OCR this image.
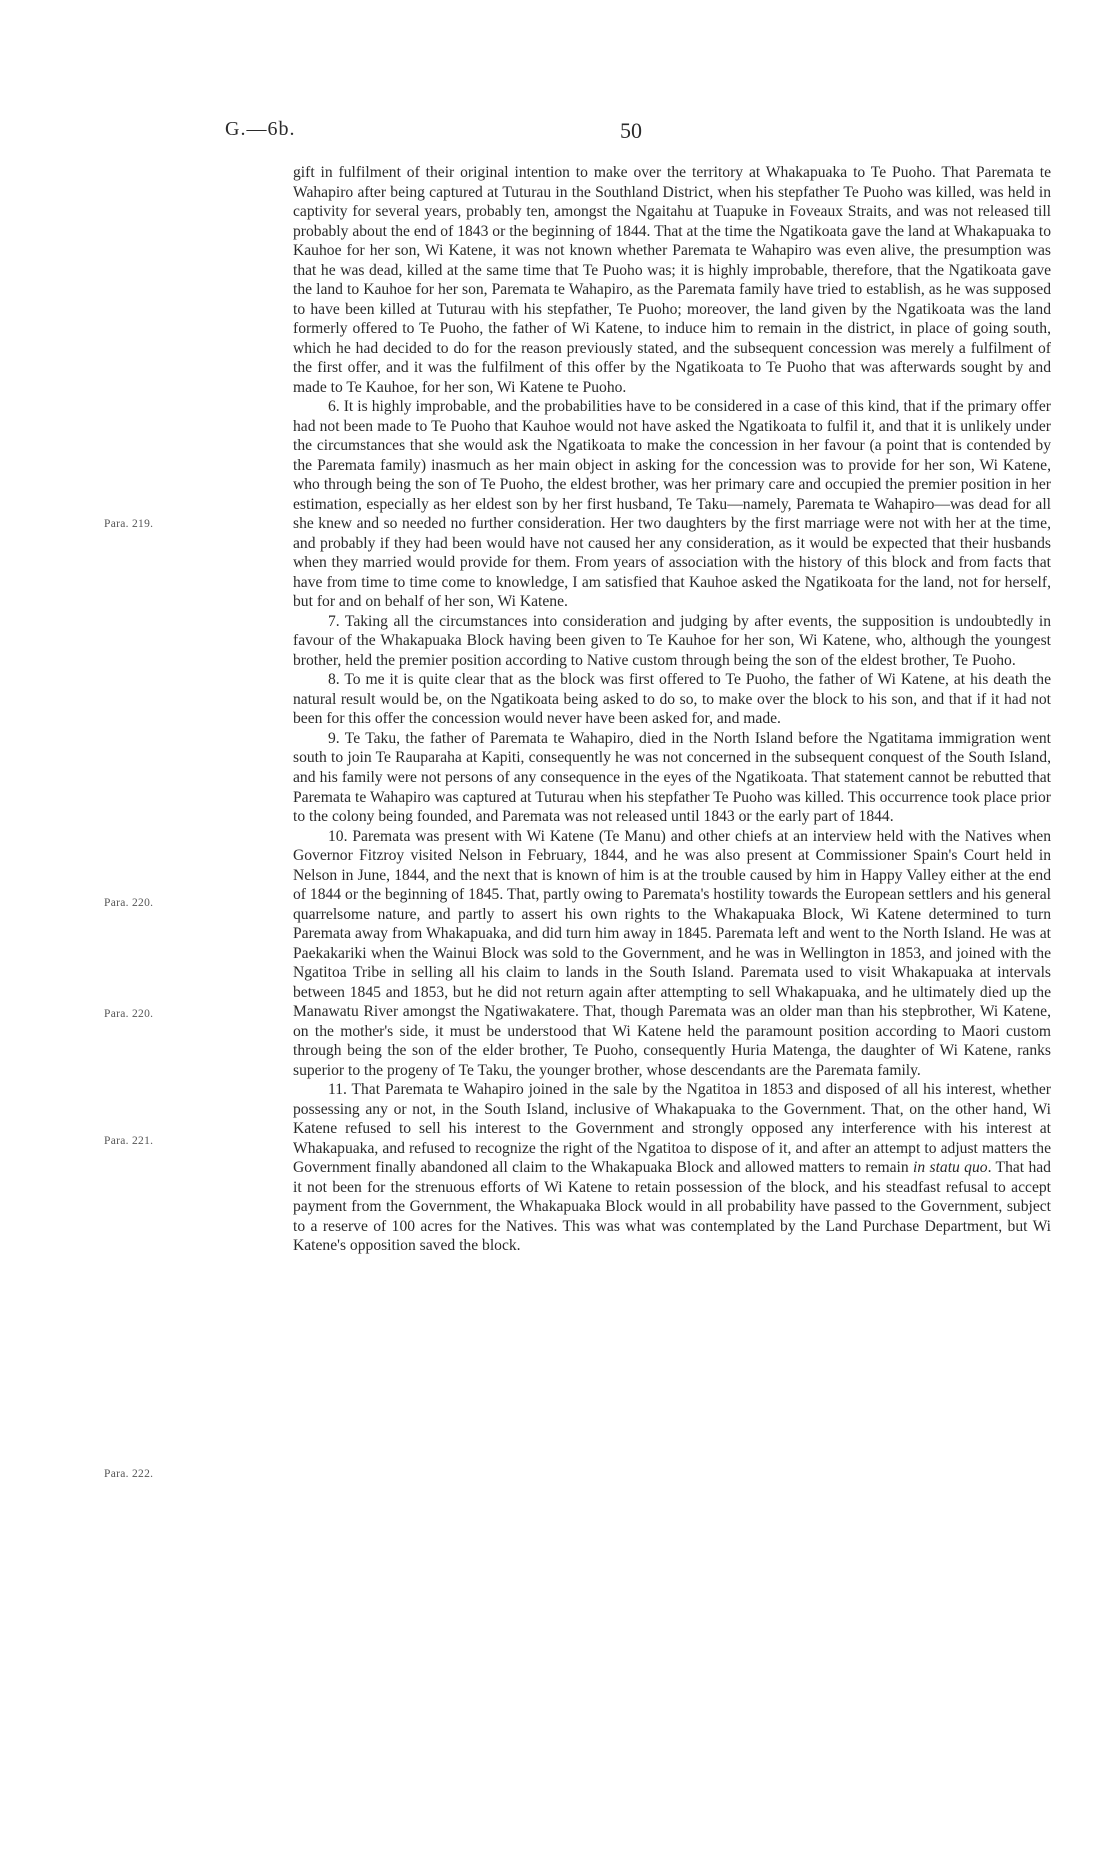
G.—6b.	50
Para. 219.
Para. 220.
Para. 220.
Para. 221.
Para. 222.

gift in fulfilment of their original intention to make over the territory at Whakapuaka to Te Puoho. That Paremata te Wahapiro after being captured at Tuturau in the Southland District, when his stepfather Te Puoho was killed, was held in captivity for several years, probably ten, amongst the Ngaitahu at Tuapuke in Foveaux Straits, and was not released till probably about the end of 1843 or the beginning of 1844. That at the time the Ngatikoata gave the land at Whakapuaka to Kauhoe for her son, Wi Katene, it was not known whether Paremata te Wahapiro was even alive, the presumption was that he was dead, killed at the same time that Te Puoho was; it is highly improbable, therefore, that the Ngatikoata gave the land to Kauhoe for her son, Paremata te Wahapiro, as the Paremata family have tried to establish, as he was supposed to have been killed at Tuturau with his stepfather, Te Puoho; moreover, the land given by the Ngatikoata was the land formerly offered to Te Puoho, the father of Wi Katene, to induce him to remain in the district, in place of going south, which he had decided to do for the reason previously stated, and the subsequent concession was merely a fulfilment of the first offer, and it was the fulfilment of this offer by the Ngatikoata to Te Puoho that was afterwards sought by and made to Te Kauhoe, for her son, Wi Katene te Puoho.

6. It is highly improbable, and the probabilities have to be considered in a case of this kind, that if the primary offer had not been made to Te Puoho that Kauhoe would not have asked the Ngatikoata to fulfil it, and that it is unlikely under the circumstances that she would ask the Ngatikoata to make the concession in her favour (a point that is contended by the Paremata family) inasmuch as her main object in asking for the concession was to provide for her son, Wi Katene, who through being the son of Te Puoho, the eldest brother, was her primary care and occupied the premier position in her estimation, especially as her eldest son by her first husband, Te Taku—namely, Paremata te Wahapiro—was dead for all she knew and so needed no further consideration. Her two daughters by the first marriage were not with her at the time, and probably if they had been would have not caused her any consideration, as it would be expected that their husbands when they married would provide for them. From years of association with the history of this block and from facts that have from time to time come to knowledge, I am satisfied that Kauhoe asked the Ngatikoata for the land, not for herself, but for and on behalf of her son, Wi Katene.

7. Taking all the circumstances into consideration and judging by after events, the supposition is undoubtedly in favour of the Whakapuaka Block having been given to Te Kauhoe for her son, Wi Katene, who, although the youngest brother, held the premier position according to Native custom through being the son of the eldest brother, Te Puoho.

8. To me it is quite clear that as the block was first offered to Te Puoho, the father of Wi Katene, at his death the natural result would be, on the Ngatikoata being asked to do so, to make over the block to his son, and that if it had not been for this offer the concession would never have been asked for, and made.

9. Te Taku, the father of Paremata te Wahapiro, died in the North Island before the Ngatitama immigration went south to join Te Rauparaha at Kapiti, consequently he was not concerned in the subsequent conquest of the South Island, and his family were not persons of any consequence in the eyes of the Ngatikoata. That statement cannot be rebutted that Paremata te Wahapiro was captured at Tuturau when his stepfather Te Puoho was killed. This occurrence took place prior to the colony being founded, and Paremata was not released until 1843 or the early part of 1844.

10. Paremata was present with Wi Katene (Te Manu) and other chiefs at an interview held with the Natives when Governor Fitzroy visited Nelson in February, 1844, and he was also present at Commissioner Spain's Court held in Nelson in June, 1844, and the next that is known of him is at the trouble caused by him in Happy Valley either at the end of 1844 or the beginning of 1845. That, partly owing to Paremata's hostility towards the European settlers and his general quarrelsome nature, and partly to assert his own rights to the Whakapuaka Block, Wi Katene determined to turn Paremata away from Whakapuaka, and did turn him away in 1845. Paremata left and went to the North Island. He was at Paekakariki when the Wainui Block was sold to the Government, and he was in Wellington in 1853, and joined with the Ngatitoa Tribe in selling all his claim to lands in the South Island. Paremata used to visit Whakapuaka at intervals between 1845 and 1853, but he did not return again after attempting to sell Whakapuaka, and he ultimately died up the Manawatu River amongst the Ngatiwakatere. That, though Paremata was an older man than his stepbrother, Wi Katene, on the mother's side, it must be understood that Wi Katene held the paramount position according to Maori custom through being the son of the elder brother, Te Puoho, consequently Huria Matenga, the daughter of Wi Katene, ranks superior to the progeny of Te Taku, the younger brother, whose descendants are the Paremata family.

11. That Paremata te Wahapiro joined in the sale by the Ngatitoa in 1853 and disposed of all his interest, whether possessing any or not, in the South Island, inclusive of Whakapuaka to the Government. That, on the other hand, Wi Katene refused to sell his interest to the Government and strongly opposed any interference with his interest at Whakapuaka, and refused to recognize the right of the Ngatitoa to dispose of it, and after an attempt to adjust matters the Government finally abandoned all claim to the Whakapuaka Block and allowed matters to remain in statu quo. That had it not been for the strenuous efforts of Wi Katene to retain possession of the block, and his steadfast refusal to accept payment from the Government, the Whakapuaka Block would in all probability have passed to the Government, subject to a reserve of 100 acres for the Natives. This was what was contemplated by the Land Purchase Department, but Wi Katene's opposition saved the block.
